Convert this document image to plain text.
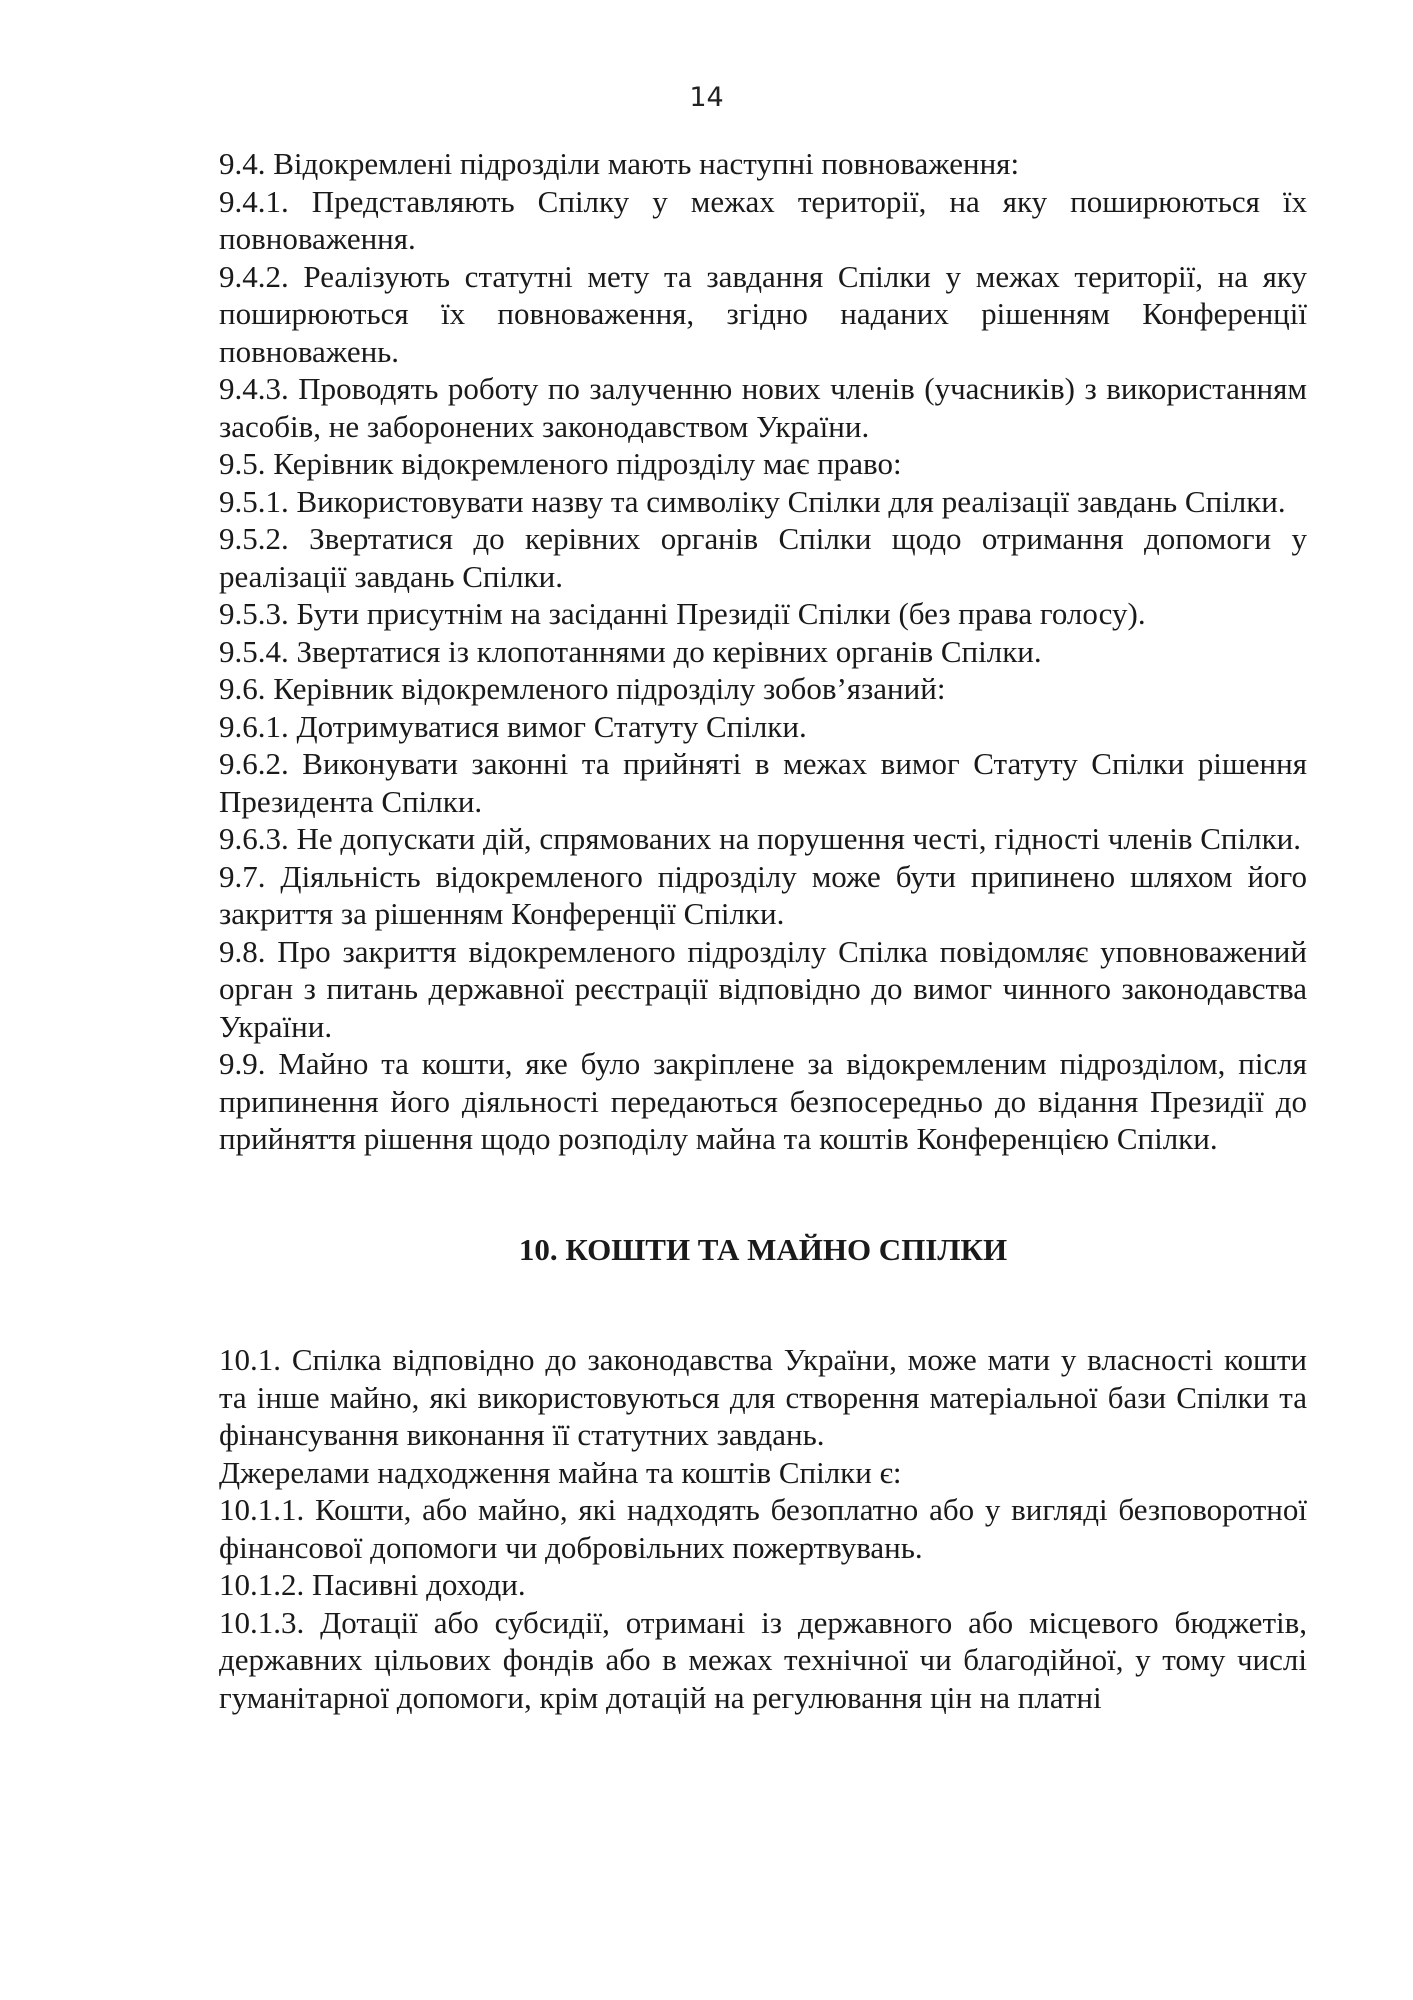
14

9.4. Відокремлені підрозділи мають наступні повноваження:

9.4.1. Представляють Спілку у межах території, на яку поширюються їх повноваження.

9.4.2. Реалізують статутні мету та завдання Спілки у межах території, на яку поширюються їх повноваження, згідно наданих рішенням Конференції повноважень.

9.4.3. Проводять роботу по залученню нових членів (учасників) з використанням засобів, не заборонених законодавством України.

9.5. Керівник відокремленого підрозділу має право:

9.5.1. Використовувати назву та символіку Спілки для реалізації завдань Спілки.

9.5.2. Звертатися до керівних органів Спілки щодо отримання допомоги у реалізації завдань Спілки.

9.5.3. Бути присутнім на засіданні Президії Спілки (без права голосу).

9.5.4. Звертатися із клопотаннями до керівних органів Спілки.

9.6. Керівник відокремленого підрозділу зобов’язаний:

9.6.1. Дотримуватися вимог Статуту Спілки.

9.6.2. Виконувати законні та прийняті в межах вимог Статуту Спілки рішення Президента Спілки.

9.6.3. Не допускати дій, спрямованих на порушення честі, гідності членів Спілки.

9.7. Діяльність відокремленого підрозділу може бути припинено шляхом його закриття за рішенням Конференції Спілки.

9.8. Про закриття відокремленого підрозділу Спілка повідомляє уповноважений орган з питань державної реєстрації відповідно до вимог чинного законодавства України.

9.9. Майно та кошти, яке було закріплене за відокремленим підрозділом, після припинення його діяльності передаються безпосередньо до відання Президії до прийняття рішення щодо розподілу майна та коштів Конференцією Спілки.

10. КОШТИ ТА МАЙНО СПІЛКИ

10.1. Спілка відповідно до законодавства України, може мати у власності кошти та інше майно, які використовуються для створення матеріальної бази Спілки та фінансування виконання її статутних завдань.

Джерелами надходження майна та коштів Спілки є:

10.1.1. Кошти, або майно, які надходять безоплатно або у вигляді безповоротної фінансової допомоги чи добровільних пожертвувань.

10.1.2. Пасивні доходи.

10.1.3. Дотації або субсидії, отримані із державного або місцевого бюджетів, державних цільових фондів або в межах технічної чи благодійної, у тому числі гуманітарної допомоги, крім дотацій на регулювання цін на платні
